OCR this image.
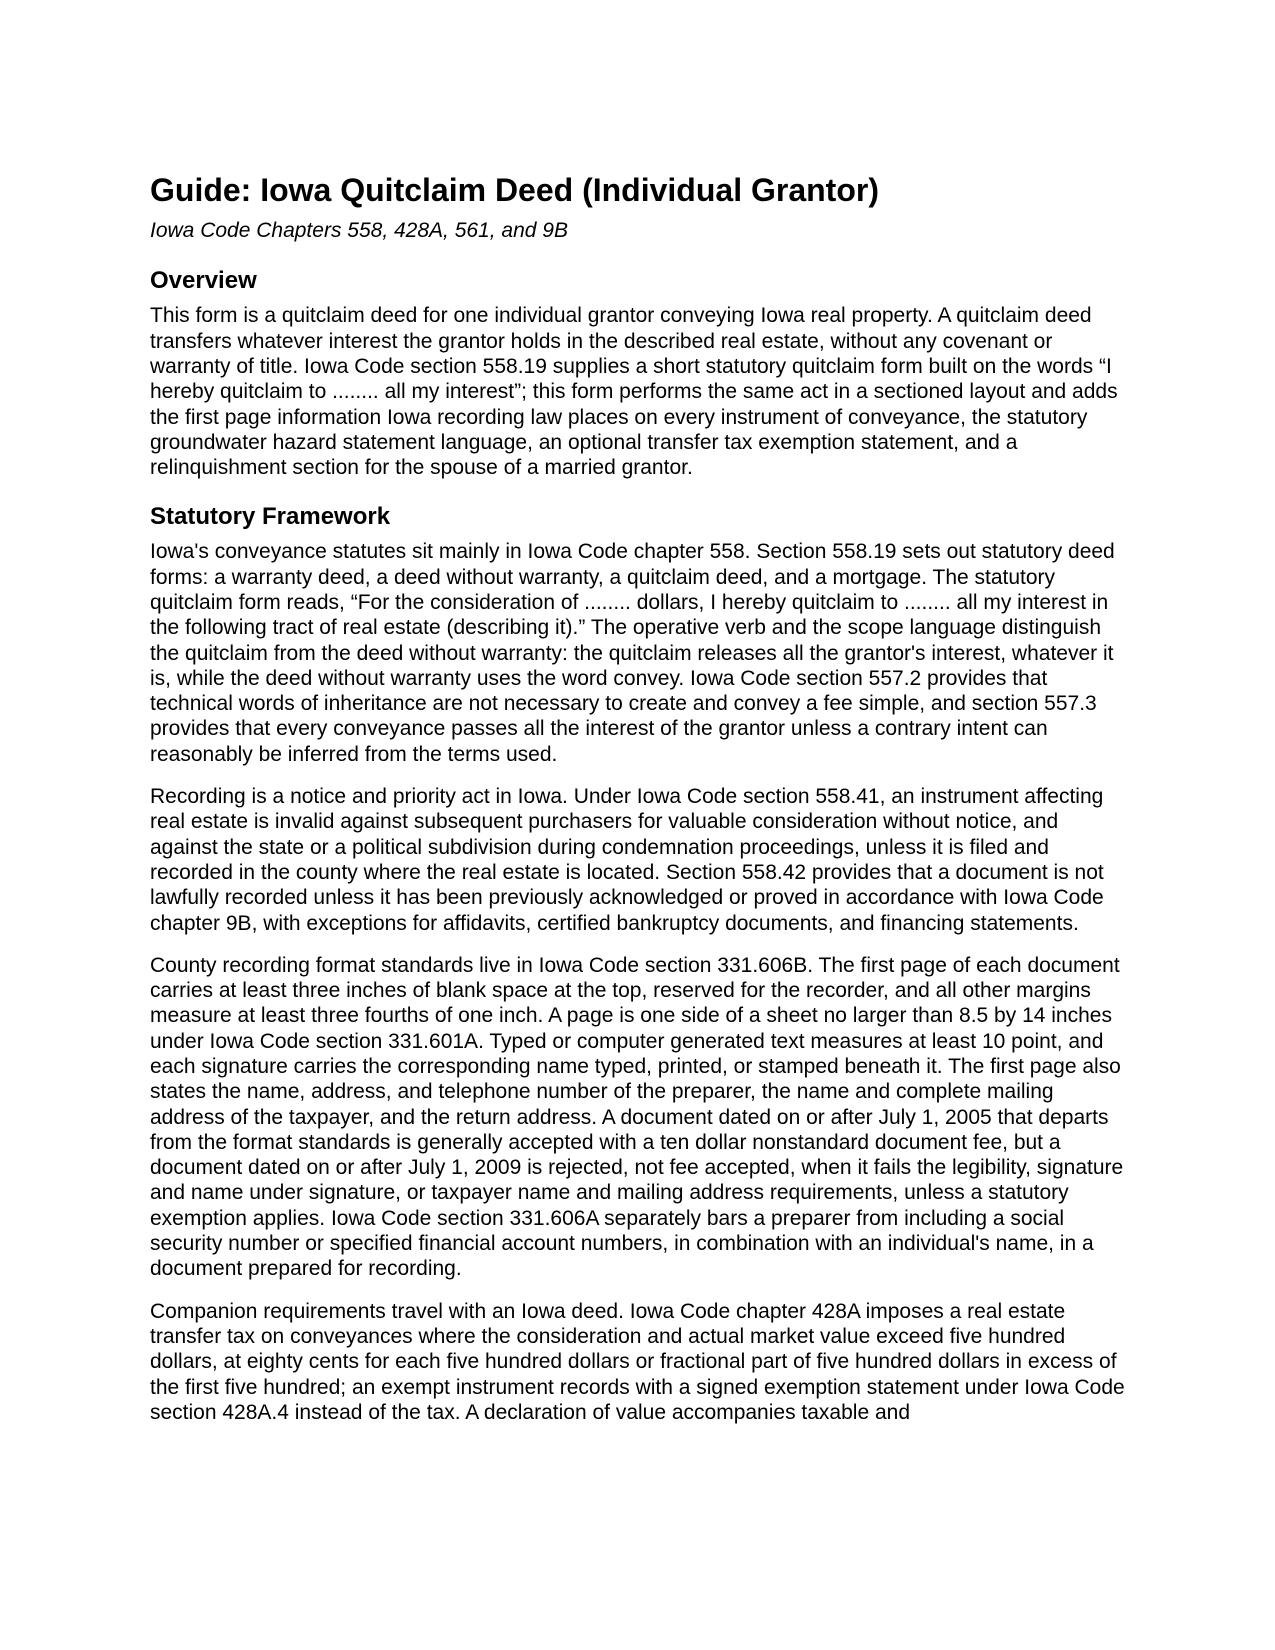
Guide: Iowa Quitclaim Deed (Individual Grantor)
Iowa Code Chapters 558, 428A, 561, and 9B
Overview

This form is a quitclaim deed for one individual grantor conveying Iowa real property. A quitclaim deed transfers whatever interest the grantor holds in the described real estate, without any covenant or warranty of title. Iowa Code section 558.19 supplies a short statutory quitclaim form built on the words “I hereby quitclaim to ........ all my interest”; this form performs the same act in a sectioned layout and adds the first page information Iowa recording law places on every instrument of conveyance, the statutory groundwater hazard statement language, an optional transfer tax exemption statement, and a relinquishment section for the spouse of a married grantor.

Statutory Framework

Iowa's conveyance statutes sit mainly in Iowa Code chapter 558. Section 558.19 sets out statutory deed forms: a warranty deed, a deed without warranty, a quitclaim deed, and a mortgage. The statutory quitclaim form reads, “For the consideration of ........ dollars, I hereby quitclaim to ........ all my interest in the following tract of real estate (describing it).” The operative verb and the scope language distinguish the quitclaim from the deed without warranty: the quitclaim releases all the grantor's interest, whatever it is, while the deed without warranty uses the word convey. Iowa Code section 557.2 provides that technical words of inheritance are not necessary to create and convey a fee simple, and section 557.3 provides that every conveyance passes all the interest of the grantor unless a contrary intent can reasonably be inferred from the terms used.

Recording is a notice and priority act in Iowa. Under Iowa Code section 558.41, an instrument affecting real estate is invalid against subsequent purchasers for valuable consideration without notice, and against the state or a political subdivision during condemnation proceedings, unless it is filed and recorded in the county where the real estate is located. Section 558.42 provides that a document is not lawfully recorded unless it has been previously acknowledged or proved in accordance with Iowa Code chapter 9B, with exceptions for affidavits, certified bankruptcy documents, and financing statements.

County recording format standards live in Iowa Code section 331.606B. The first page of each document carries at least three inches of blank space at the top, reserved for the recorder, and all other margins measure at least three fourths of one inch. A page is one side of a sheet no larger than 8.5 by 14 inches under Iowa Code section 331.601A. Typed or computer generated text measures at least 10 point, and each signature carries the corresponding name typed, printed, or stamped beneath it. The first page also states the name, address, and telephone number of the preparer, the name and complete mailing address of the taxpayer, and the return address. A document dated on or after July 1, 2005 that departs from the format standards is generally accepted with a ten dollar nonstandard document fee, but a document dated on or after July 1, 2009 is rejected, not fee accepted, when it fails the legibility, signature and name under signature, or taxpayer name and mailing address requirements, unless a statutory exemption applies. Iowa Code section 331.606A separately bars a preparer from including a social security number or specified financial account numbers, in combination with an individual's name, in a document prepared for recording.

Companion requirements travel with an Iowa deed. Iowa Code chapter 428A imposes a real estate transfer tax on conveyances where the consideration and actual market value exceed five hundred dollars, at eighty cents for each five hundred dollars or fractional part of five hundred dollars in excess of the first five hundred; an exempt instrument records with a signed exemption statement under Iowa Code section 428A.4 instead of the tax. A declaration of value accompanies taxable and
